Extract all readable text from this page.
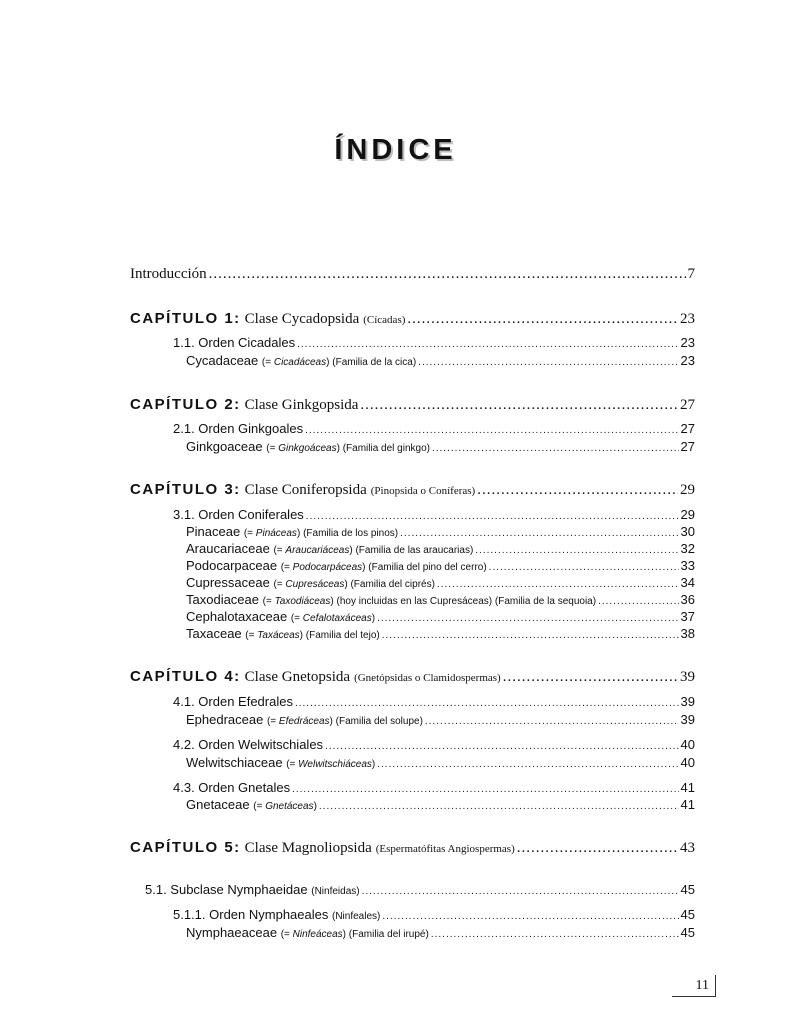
ÍNDICE
Introducción .....	7
CAPÍTULO 1: Clase Cycadopsida (Cícadas) .....	23
1.1. Orden Cicadales .....	23
Cycadaceae (= Cicadáceas) (Familia de la cica) .....	23
CAPÍTULO 2: Clase Ginkgopsida .....	27
2.1. Orden Ginkgoales .....	27
Ginkgoaceae (= Ginkgoáceas) (Familia del ginkgo) .....	27
CAPÍTULO 3: Clase Coniferopsida (Pinopsida o Coníferas) .....	29
3.1. Orden Coniferales .....	29
Pinaceae (= Pináceas) (Familia de los pinos) .....	30
Araucariaceae (= Araucariáceas) (Familia de las araucarias) .....	32
Podocarpaceae (= Podocarpáceas) (Familia del pino del cerro) .....	33
Cupressaceae (= Cupresáceas) (Familia del ciprés) .....	34
Taxodiaceae (= Taxodiáceas) (hoy incluidas en las Cupresáceas) (Familia de la sequoia) .....	36
Cephalotaxaceae (= Cefalotaxáceas) .....	37
Taxaceae (= Taxáceas) (Familia del tejo) .....	38
CAPÍTULO 4: Clase Gnetopsida (Gnetópsidas o Clamidospermas) .....	39
4.1. Orden Efedrales .....	39
Ephedraceae (= Efedráceas) (Familia del solupe) .....	39
4.2. Orden Welwitschiales .....	40
Welwitschiaceae (= Welwitschiáceas) .....	40
4.3. Orden Gnetales .....	41
Gnetaceae (= Gnetáceas) .....	41
CAPÍTULO 5: Clase Magnoliopsida (Espermatófitas Angiospermas) .....	43
5.1. Subclase Nymphaeidae (Ninfeidas) .....	45
5.1.1. Orden Nymphaeales (Ninfeales) .....	45
Nymphaeaceae (= Ninfeáceas) (Familia del irupé) .....	45
11
